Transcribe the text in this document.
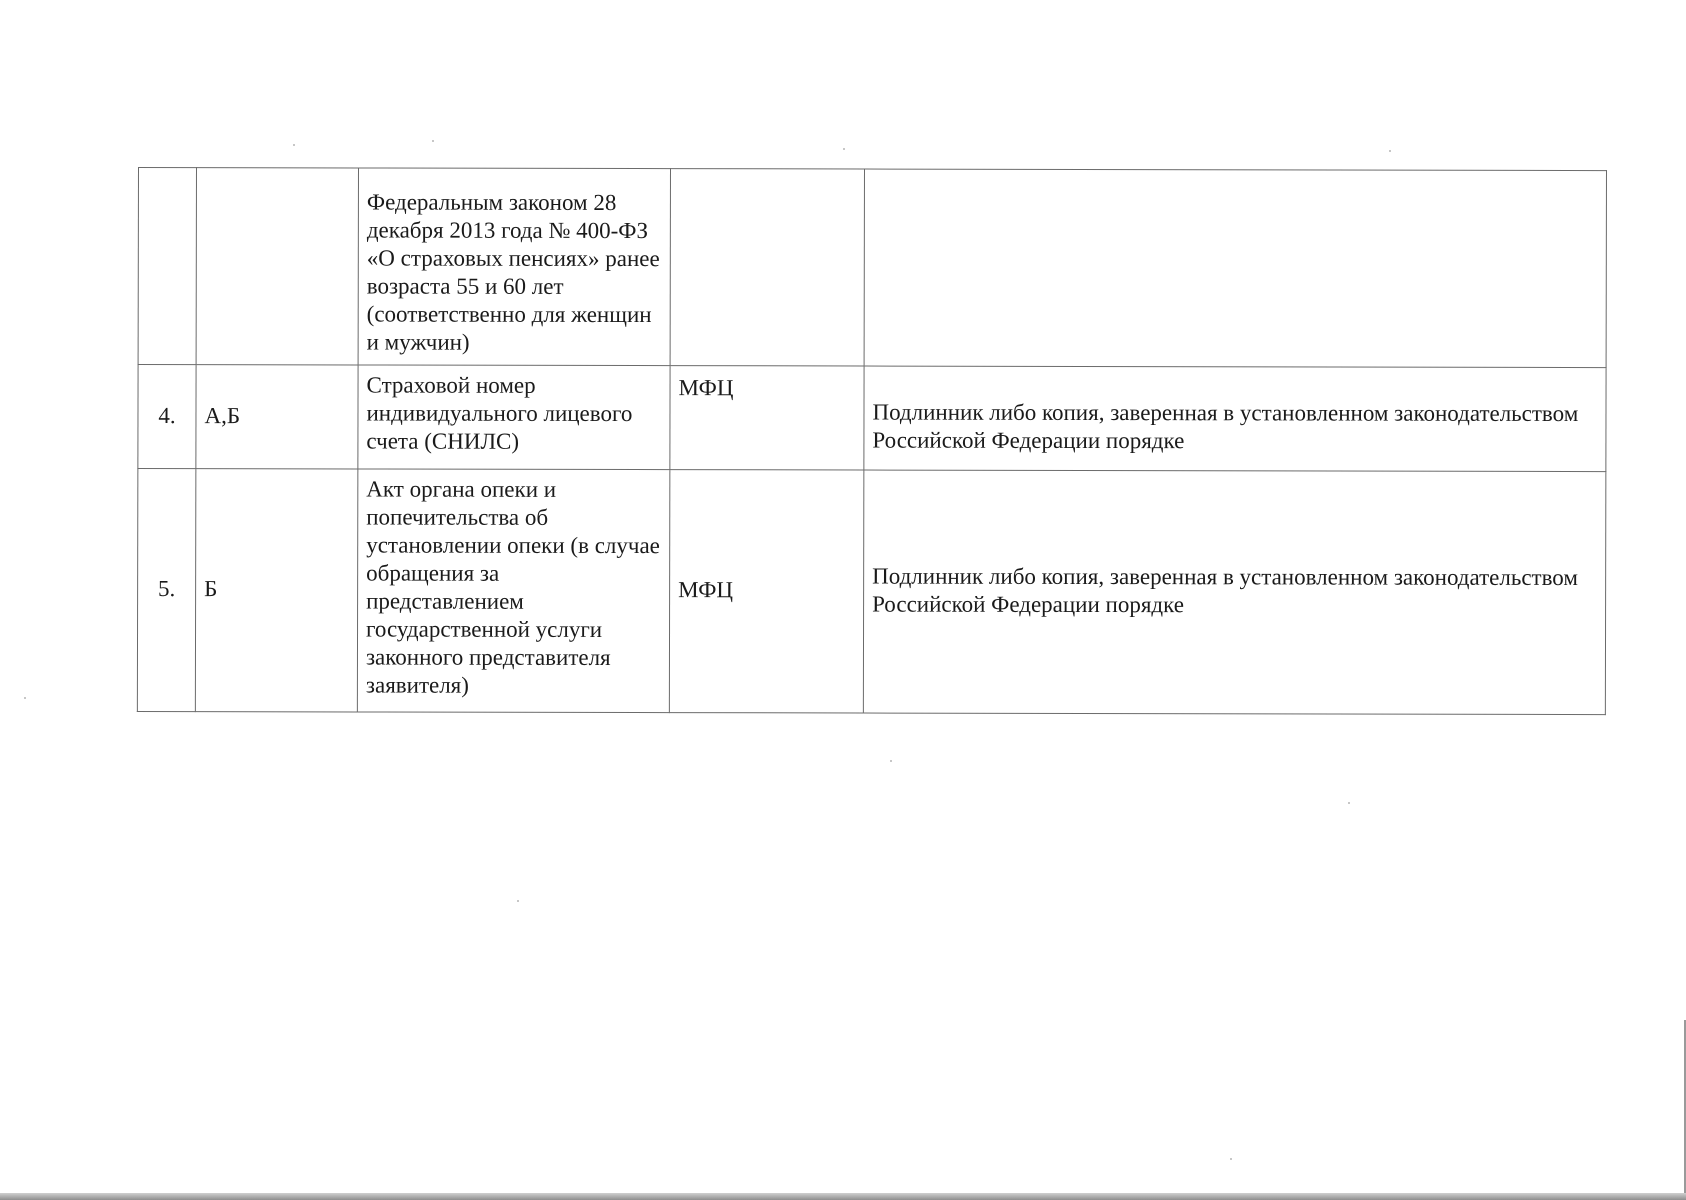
		Федеральным законом 28 декабря 2013 года № 400-ФЗ «О страховых пенсиях» ранее возраста 55 и 60 лет (соответственно для женщин и мужчин)		

4.	А,Б	Страховой номер индивидуального лицевого счета (СНИЛС)	МФЦ	Подлинник либо копия, заверенная в установленном законодательством Российской Федерации порядке

5.	Б	Акт органа опеки и попечительства об установлении опеки (в случае обращения за представлением государственной услуги законного представителя заявителя)	МФЦ	Подлинник либо копия, заверенная в установленном законодательством Российской Федерации порядке
